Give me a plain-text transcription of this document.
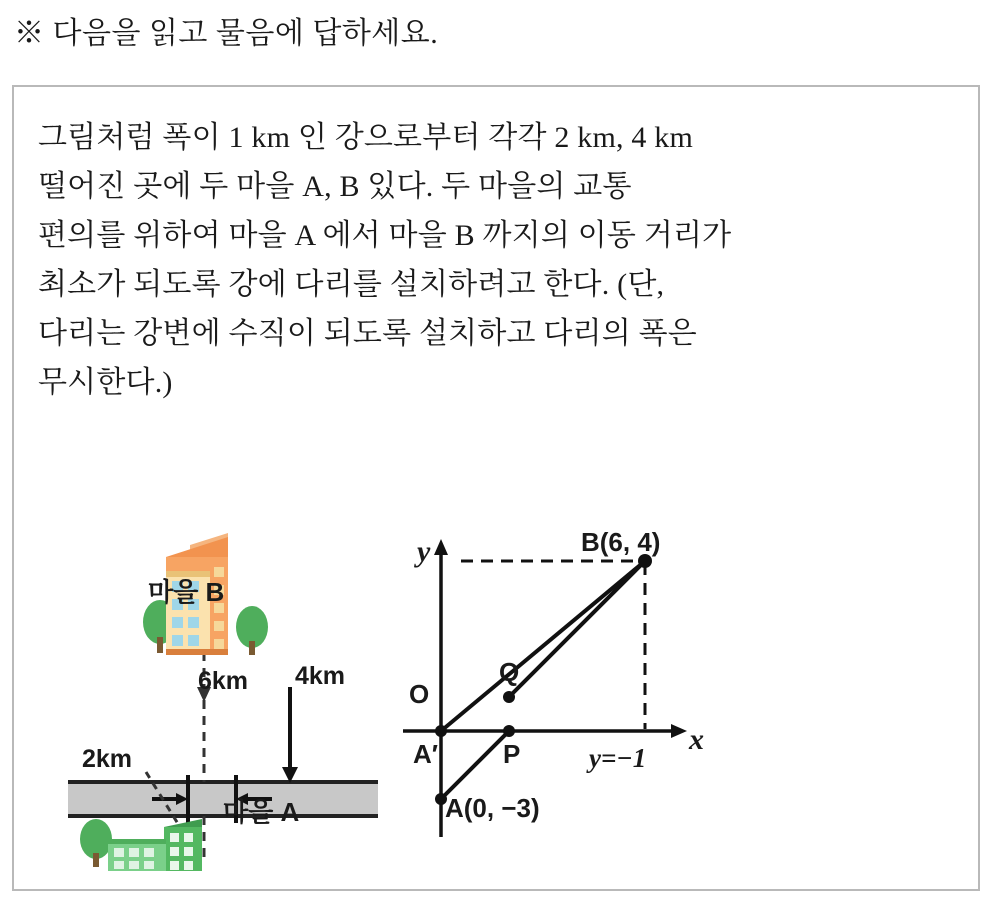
※ 다음을 읽고 물음에 답하세요.
그림처럼 폭이 1 km 인 강으로부터 각각 2 km, 4 km
떨어진 곳에 두 마을 A, B 있다. 두 마을의 교통
편의를 위하여 마을 A 에서 마을 B 까지의 이동 거리가
최소가 되도록 강에 다리를 설치하려고 한다. (단,
다리는 강변에 수직이 되도록 설치하고 다리의 폭은
무시한다.)
마을 B
마을 A
6km 4km
2km
y
x
O
Q
P
A′
B(6, 4)
A(0, −3)
y=−1
